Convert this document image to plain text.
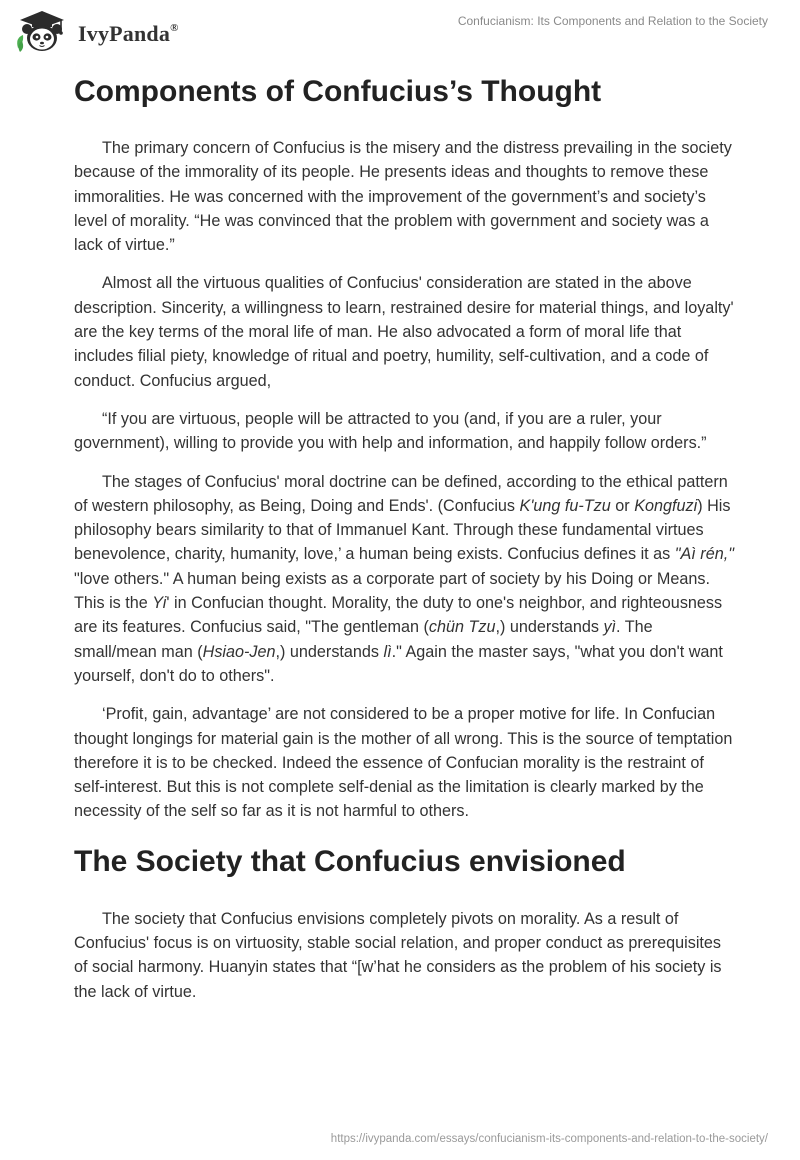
IvyPanda®	Confucianism: Its Components and Relation to the Society
Components of Confucius’s Thought

The primary concern of Confucius is the misery and the distress prevailing in the society because of the immorality of its people. He presents ideas and thoughts to remove these immoralities. He was concerned with the improvement of the government’s and society’s level of morality. “He was convinced that the problem with government and society was a lack of virtue.”

Almost all the virtuous qualities of Confucius' consideration are stated in the above description. Sincerity, a willingness to learn, restrained desire for material things, and loyalty' are the key terms of the moral life of man. He also advocated a form of moral life that includes filial piety, knowledge of ritual and poetry, humility, self-cultivation, and a code of conduct. Confucius argued,

“If you are virtuous, people will be attracted to you (and, if you are a ruler, your government), willing to provide you with help and information, and happily follow orders.”

The stages of Confucius' moral doctrine can be defined, according to the ethical pattern of western philosophy, as Being, Doing and Ends'. (Confucius K'ung fu-Tzu or Kongfuzi) His philosophy bears similarity to that of Immanuel Kant. Through these fundamental virtues benevolence, charity, humanity, love,’ a human being exists. Confucius defines it as "Aì rén," "love others." A human being exists as a corporate part of society by his Doing or Means. This is the Yi' in Confucian thought. Morality, the duty to one's neighbor, and righteousness are its features. Confucius said, "The gentleman (chün Tzu,) understands yì. The small/mean man (Hsiao-Jen,) understands lì." Again the master says, "what you don't want yourself, don't do to others".

‘Profit, gain, advantage’ are not considered to be a proper motive for life. In Confucian thought longings for material gain is the mother of all wrong. This is the source of temptation therefore it is to be checked. Indeed the essence of Confucian morality is the restraint of self-interest. But this is not complete self-denial as the limitation is clearly marked by the necessity of the self so far as it is not harmful to others.

The Society that Confucius envisioned

The society that Confucius envisions completely pivots on morality. As a result of Confucius' focus is on virtuosity, stable social relation, and proper conduct as prerequisites of social harmony. Huanyin states that “[w’hat he considers as the problem of his society is the lack of virtue.

https://ivypanda.com/essays/confucianism-its-components-and-relation-to-the-society/
